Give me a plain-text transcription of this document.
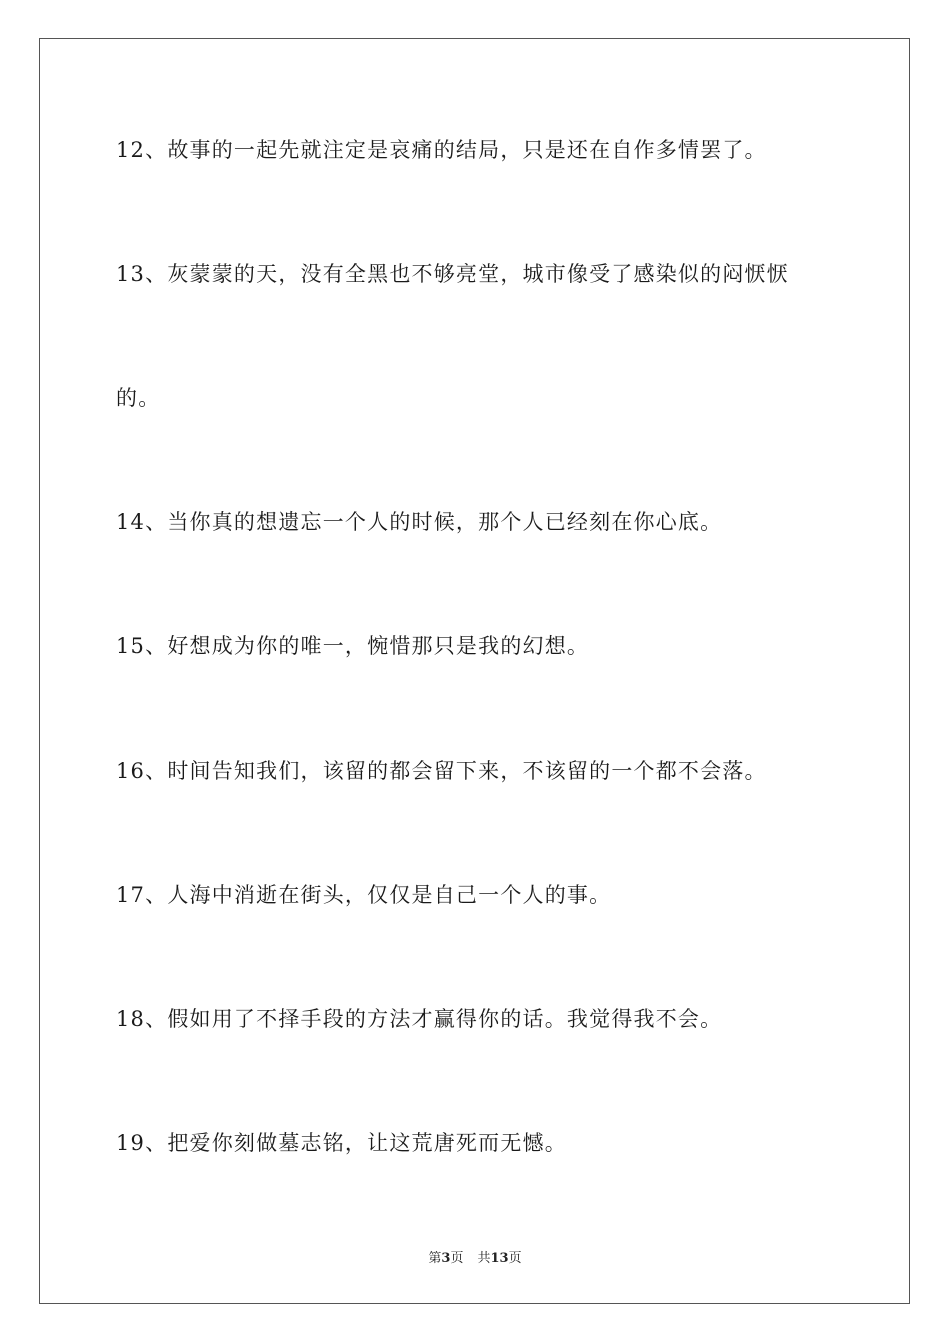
12、故事的一起先就注定是哀痛的结局，只是还在自作多情罢了。
13、灰蒙蒙的天，没有全黑也不够亮堂，城市像受了感染似的闷恹恹
的。
14、当你真的想遗忘一个人的时候，那个人已经刻在你心底。
15、好想成为你的唯一，惋惜那只是我的幻想。
16、时间告知我们，该留的都会留下来，不该留的一个都不会落。
17、人海中消逝在街头，仅仅是自己一个人的事。
18、假如用了不择手段的方法才赢得你的话。我觉得我不会。
19、把爱你刻做墓志铭，让这荒唐死而无憾。
第3页 共13页
